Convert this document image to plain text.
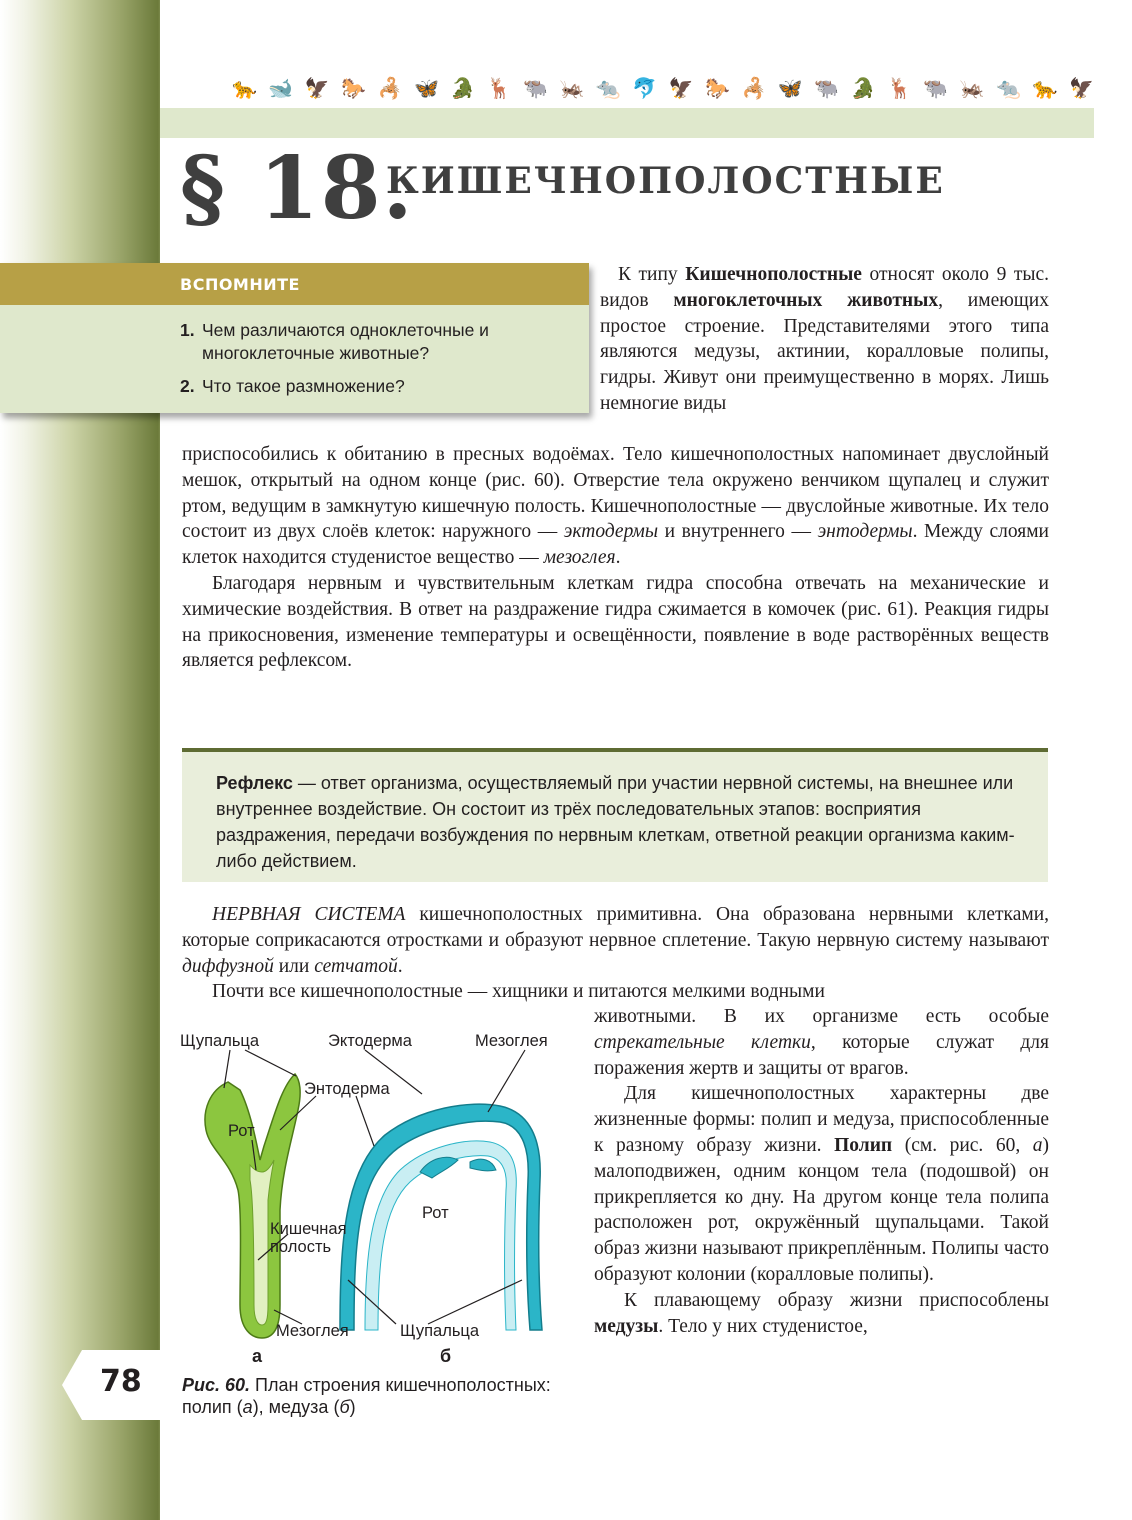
🐆 🐋 🦅 🐎 🦂 🦋 🐊 🦌 🐃 🦗 🐀 🐬 🦅 🐎 🦂 🦋 🐃 🐊 🦌 🐃 🦗 🐀 🐆 🦅
§ 18.
КИШЕЧНОПОЛОСТНЫЕ
ВСПОМНИТЕ
1. Чем различаются одноклеточные и многоклеточные животные?
2. Что такое размножение?
К типу Кишечнополостные относят около 9 тыс. видов многоклеточных животных, имеющих простое строение. Представителями этого типа являются медузы, актинии, коралловые полипы, гидры. Живут они преимущественно в морях. Лишь немногие виды

приспособились к обитанию в пресных водоёмах. Тело кишечнополостных напоминает двуслойный мешок, открытый на одном конце (рис. 60). Отверстие тела окружено венчиком щупалец и служит ртом, ведущим в замкнутую кишечную полость. Кишечнополостные — двуслойные животные. Их тело состоит из двух слоёв клеток: наружного — эктодермы и внутреннего — энтодермы. Между слоями клеток находится студенистое вещество — мезоглея.

Благодаря нервным и чувствительным клеткам гидра способна отвечать на механические и химические воздействия. В ответ на раздражение гидра сжимается в комочек (рис. 61). Реакция гидры на прикосновения, изменение температуры и освещённости, появление в воде растворённых веществ является рефлексом.

Рефлекс — ответ организма, осуществляемый при участии нервной системы, на внешнее или внутреннее воздействие. Он состоит из трёх последовательных этапов: восприятия раздражения, передачи возбуждения по нервным клеткам, ответной реакции организма каким-либо действием.

НЕРВНАЯ СИСТЕМА кишечнополостных примитивна. Она образована нервными клетками, которые соприкасаются отростками и образуют нервное сплетение. Такую нервную систему называют диффузной или сетчатой.

Почти все кишечнополостные — хищники и питаются мелкими водными

животными. В их организме есть особые стрекательные клетки, которые служат для поражения жертв и защиты от врагов.

Для кишечнополостных характерны две жизненные формы: полип и медуза, приспособленные к разному образу жизни. Полип (см. рис. 60, а) малоподвижен, одним концом тела (подошвой) он прикрепляется ко дну. На другом конце тела полипа расположен рот, окружённый щупальцами. Такой образ жизни называют прикреплённым. Полипы часто образуют колонии (коралловые полипы).

К плавающему образу жизни приспособлены медузы. Тело у них студенистое,

Щупальца	Эктодерма	Мезоглея
Энтодерма
Рот
Рот
Кишечная
полость
Мезоглея	Щупальца
а	б
Рис. 60. План строения кишечнополостных: полип (а), медуза (б)
78
